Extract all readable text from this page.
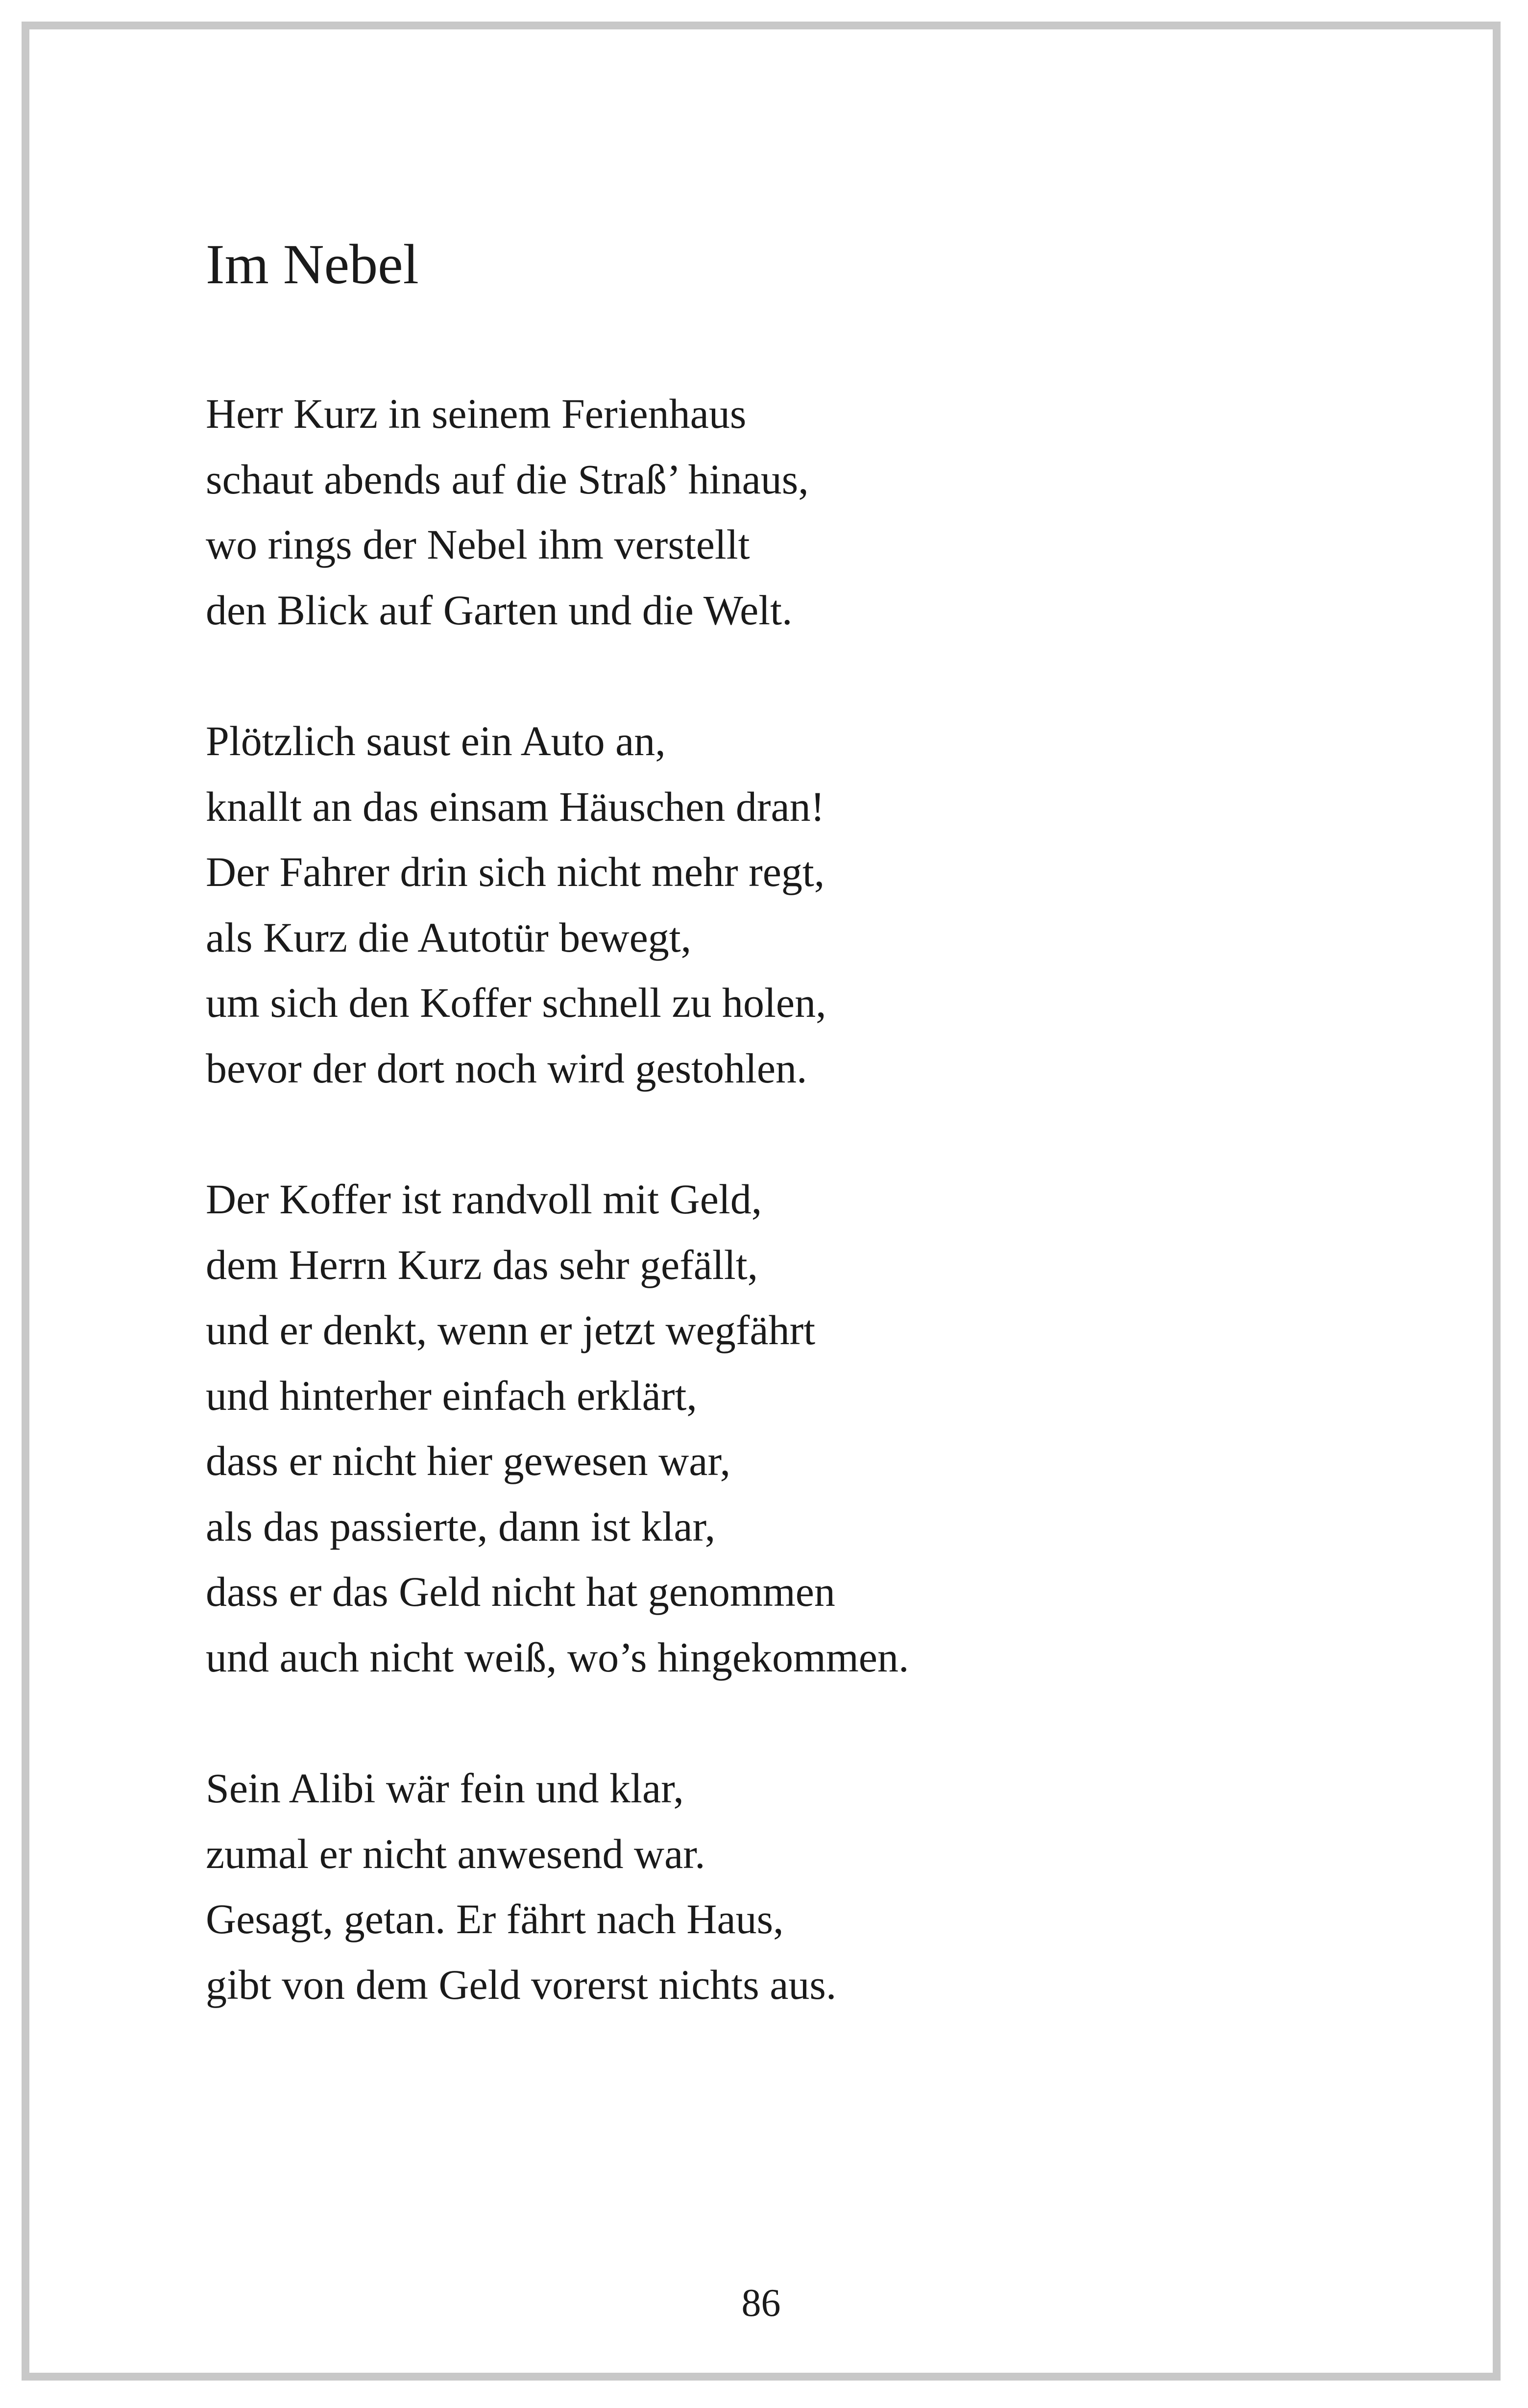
Im Nebel

Herr Kurz in seinem Ferienhaus
schaut abends auf die Straß’ hinaus,
wo rings der Nebel ihm verstellt
den Blick auf Garten und die Welt.

Plötzlich saust ein Auto an,
knallt an das einsam Häuschen dran!
Der Fahrer drin sich nicht mehr regt,
als Kurz die Autotür bewegt,
um sich den Koffer schnell zu holen,
bevor der dort noch wird gestohlen.

Der Koffer ist randvoll mit Geld,
dem Herrn Kurz das sehr gefällt,
und er denkt, wenn er jetzt wegfährt
und hinterher einfach erklärt,
dass er nicht hier gewesen war,
als das passierte, dann ist klar,
dass er das Geld nicht hat genommen
und auch nicht weiß, wo’s hingekommen.

Sein Alibi wär fein und klar,
zumal er nicht anwesend war.
Gesagt, getan. Er fährt nach Haus,
gibt von dem Geld vorerst nichts aus.

86
